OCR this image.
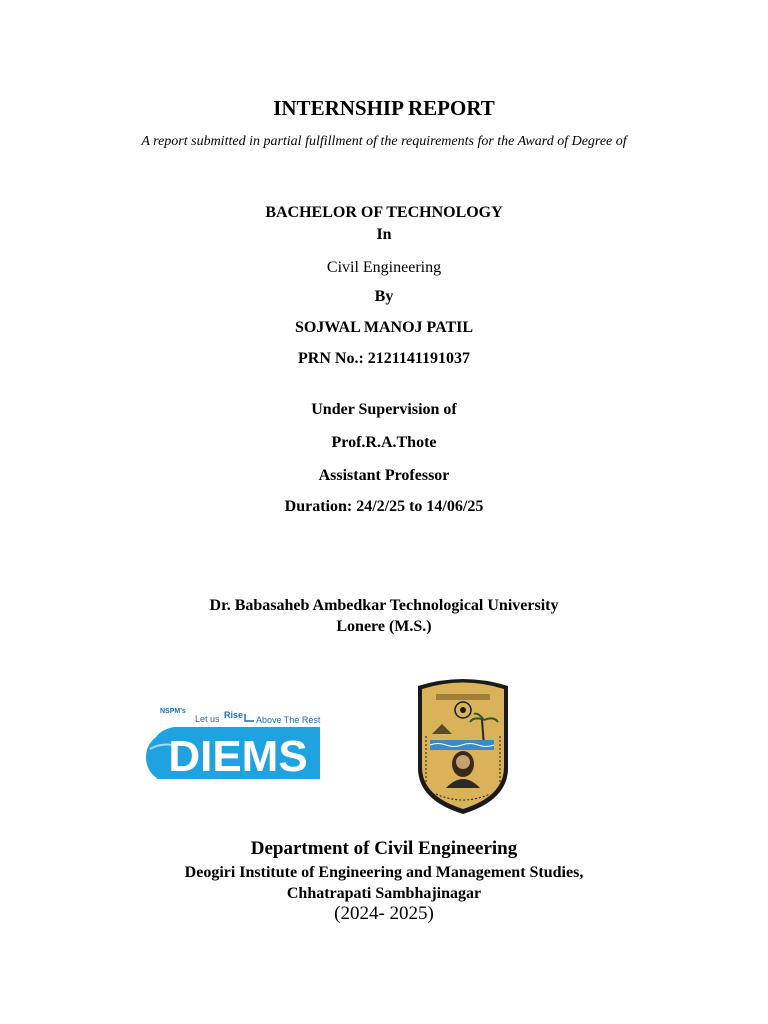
INTERNSHIP REPORT
A report submitted in partial fulfillment of the requirements for the Award of Degree of
BACHELOR OF TECHNOLOGY
In
Civil Engineering
By
SOJWAL MANOJ PATIL
PRN No.: 2121141191037
Under Supervision of
Prof.R.A.Thote
Assistant Professor
Duration: 24/2/25 to 14/06/25
Dr. Babasaheb Ambedkar Technological University
Lonere (M.S.)
NSPM's
Let us Rise Above The Rest
DIEMS
Department of Civil Engineering
Deogiri Institute of Engineering and Management Studies,
Chhatrapati Sambhajinagar
(2024- 2025)
